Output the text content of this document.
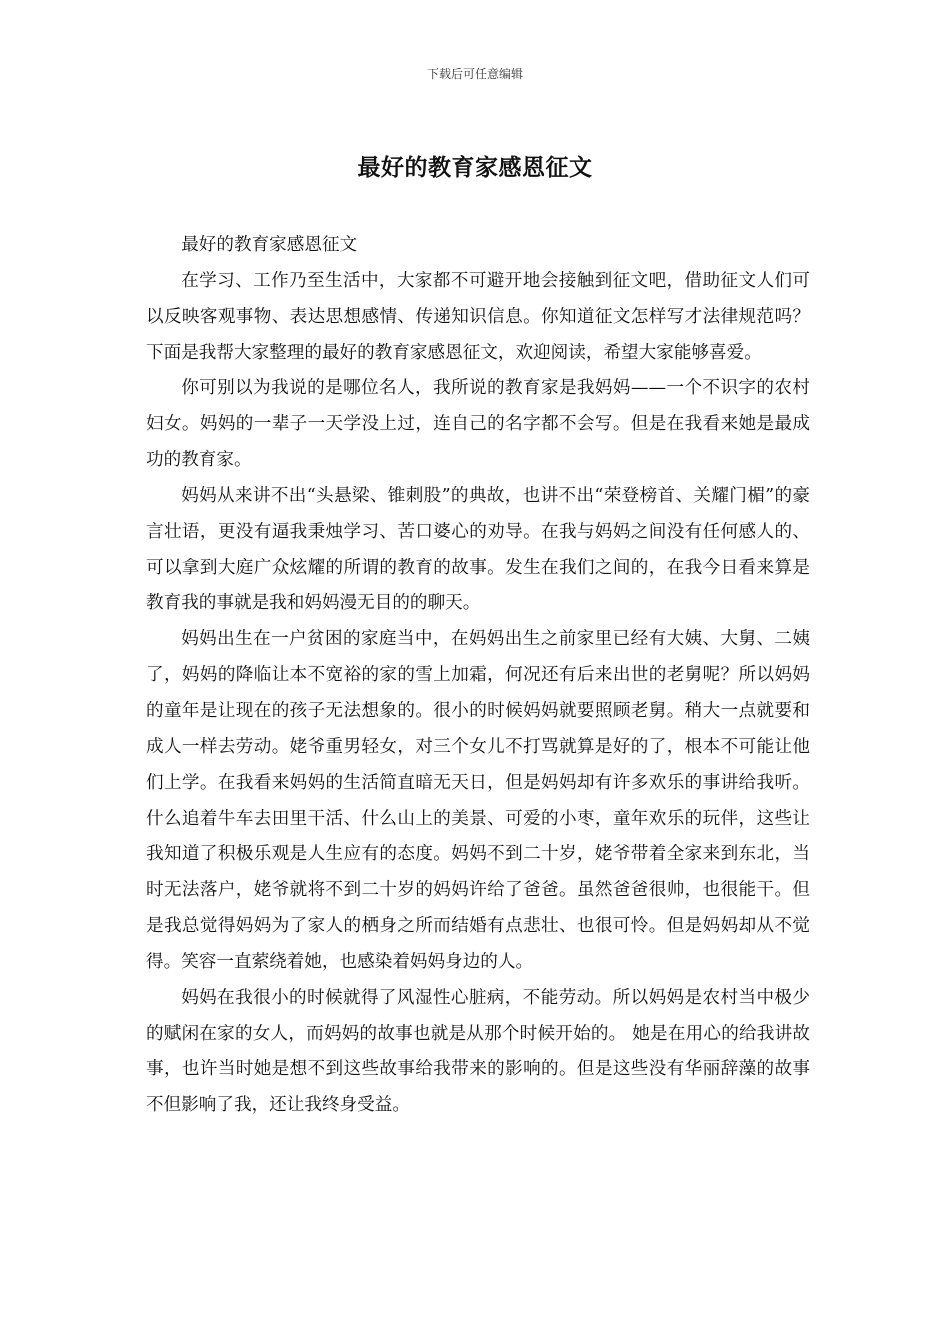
下载后可任意编辑
最好的教育家感恩征文

最好的教育家感恩征文

在学习、工作乃至生活中，大家都不可避开地会接触到征文吧，借助征文人们可以反映客观事物、表达思想感情、传递知识信息。你知道征文怎样写才法律规范吗？下面是我帮大家整理的最好的教育家感恩征文，欢迎阅读，希望大家能够喜爱。

你可别以为我说的是哪位名人，我所说的教育家是我妈妈——一个不识字的农村妇女。妈妈的一辈子一天学没上过，连自己的名字都不会写。但是在我看来她是最成功的教育家。

妈妈从来讲不出“头悬梁、锥刺股”的典故，也讲不出“荣登榜首、关耀门楣”的豪言壮语，更没有逼我秉烛学习、苦口婆心的劝导。在我与妈妈之间没有任何感人的、可以拿到大庭广众炫耀的所谓的教育的故事。发生在我们之间的，在我今日看来算是教育我的事就是我和妈妈漫无目的的聊天。

妈妈出生在一户贫困的家庭当中，在妈妈出生之前家里已经有大姨、大舅、二姨了，妈妈的降临让本不宽裕的家的雪上加霜，何况还有后来出世的老舅呢？所以妈妈的童年是让现在的孩子无法想象的。很小的时候妈妈就要照顾老舅。稍大一点就要和成人一样去劳动。姥爷重男轻女，对三个女儿不打骂就算是好的了，根本不可能让他们上学。在我看来妈妈的生活简直暗无天日，但是妈妈却有许多欢乐的事讲给我听。什么追着牛车去田里干活、什么山上的美景、可爱的小枣，童年欢乐的玩伴，这些让我知道了积极乐观是人生应有的态度。妈妈不到二十岁，姥爷带着全家来到东北，当时无法落户，姥爷就将不到二十岁的妈妈许给了爸爸。虽然爸爸很帅，也很能干。但是我总觉得妈妈为了家人的栖身之所而结婚有点悲壮、也很可怜。但是妈妈却从不觉得。笑容一直萦绕着她，也感染着妈妈身边的人。

妈妈在我很小的时候就得了风湿性心脏病，不能劳动。所以妈妈是农村当中极少的赋闲在家的女人，而妈妈的故事也就是从那个时候开始的。 她是在用心的给我讲故事，也许当时她是想不到这些故事给我带来的影响的。但是这些没有华丽辞藻的故事不但影响了我，还让我终身受益。
